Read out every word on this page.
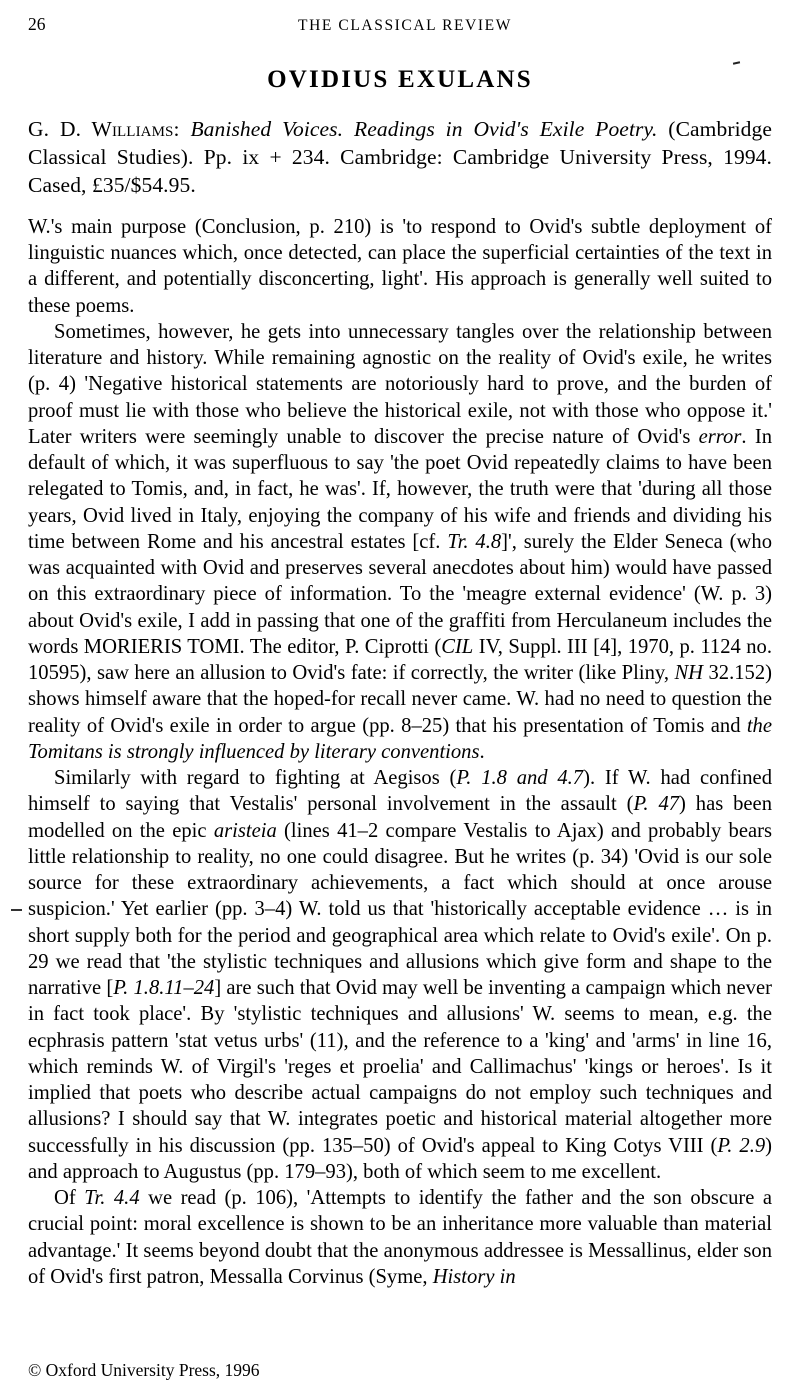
26	THE CLASSICAL REVIEW
OVIDIUS EXULANS

G. D. Williams: Banished Voices. Readings in Ovid's Exile Poetry. (Cambridge Classical Studies). Pp. ix + 234. Cambridge: Cambridge University Press, 1994. Cased, £35/$54.95.

W.'s main purpose (Conclusion, p. 210) is 'to respond to Ovid's subtle deployment of linguistic nuances which, once detected, can place the superficial certainties of the text in a different, and potentially disconcerting, light'. His approach is generally well suited to these poems.

Sometimes, however, he gets into unnecessary tangles over the relationship between literature and history. While remaining agnostic on the reality of Ovid's exile, he writes (p. 4) 'Negative historical statements are notoriously hard to prove, and the burden of proof must lie with those who believe the historical exile, not with those who oppose it.' Later writers were seemingly unable to discover the precise nature of Ovid's error. In default of which, it was superfluous to say 'the poet Ovid repeatedly claims to have been relegated to Tomis, and, in fact, he was'. If, however, the truth were that 'during all those years, Ovid lived in Italy, enjoying the company of his wife and friends and dividing his time between Rome and his ancestral estates [cf. Tr. 4.8]', surely the Elder Seneca (who was acquainted with Ovid and preserves several anecdotes about him) would have passed on this extraordinary piece of information. To the 'meagre external evidence' (W. p. 3) about Ovid's exile, I add in passing that one of the graffiti from Herculaneum includes the words MORIERIS TOMI. The editor, P. Ciprotti (CIL IV, Suppl. III [4], 1970, p. 1124 no. 10595), saw here an allusion to Ovid's fate: if correctly, the writer (like Pliny, NH 32.152) shows himself aware that the hoped-for recall never came. W. had no need to question the reality of Ovid's exile in order to argue (pp. 8–25) that his presentation of Tomis and the Tomitans is strongly influenced by literary conventions.

Similarly with regard to fighting at Aegisos (P. 1.8 and 4.7). If W. had confined himself to saying that Vestalis' personal involvement in the assault (P. 47) has been modelled on the epic aristeia (lines 41–2 compare Vestalis to Ajax) and probably bears little relationship to reality, no one could disagree. But he writes (p. 34) 'Ovid is our sole source for these extraordinary achievements, a fact which should at once arouse suspicion.' Yet earlier (pp. 3–4) W. told us that 'historically acceptable evidence … is in short supply both for the period and geographical area which relate to Ovid's exile'. On p. 29 we read that 'the stylistic techniques and allusions which give form and shape to the narrative [P. 1.8.11–24] are such that Ovid may well be inventing a campaign which never in fact took place'. By 'stylistic techniques and allusions' W. seems to mean, e.g. the ecphrasis pattern 'stat vetus urbs' (11), and the reference to a 'king' and 'arms' in line 16, which reminds W. of Virgil's 'reges et proelia' and Callimachus' 'kings or heroes'. Is it implied that poets who describe actual campaigns do not employ such techniques and allusions? I should say that W. integrates poetic and historical material altogether more successfully in his discussion (pp. 135–50) of Ovid's appeal to King Cotys VIII (P. 2.9) and approach to Augustus (pp. 179–93), both of which seem to me excellent.

Of Tr. 4.4 we read (p. 106), 'Attempts to identify the father and the son obscure a crucial point: moral excellence is shown to be an inheritance more valuable than material advantage.' It seems beyond doubt that the anonymous addressee is Messallinus, elder son of Ovid's first patron, Messalla Corvinus (Syme, History in

© Oxford University Press, 1996
